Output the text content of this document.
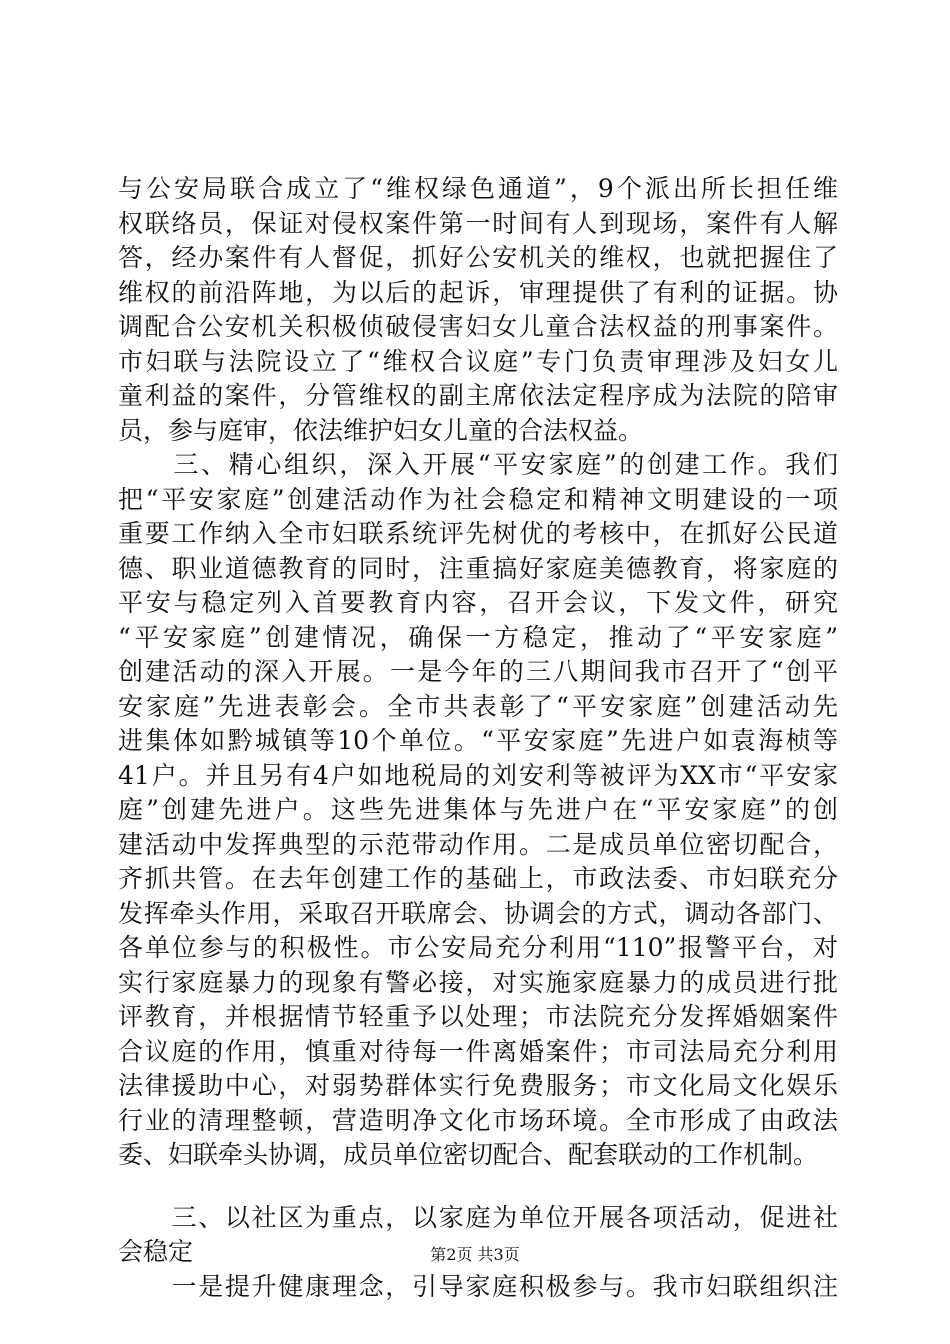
与公安局联合成立了“维权绿色通道”，9个派出所长担任维
权联络员，保证对侵权案件第一时间有人到现场，案件有人解
答，经办案件有人督促，抓好公安机关的维权，也就把握住了
维权的前沿阵地，为以后的起诉，审理提供了有利的证据。协
调配合公安机关积极侦破侵害妇女儿童合法权益的刑事案件。
市妇联与法院设立了“维权合议庭”专门负责审理涉及妇女儿
童利益的案件，分管维权的副主席依法定程序成为法院的陪审
员，参与庭审，依法维护妇女儿童的合法权益。
　　三、精心组织，深入开展“平安家庭”的创建工作。我们
把“平安家庭”创建活动作为社会稳定和精神文明建设的一项
重要工作纳入全市妇联系统评先树优的考核中，在抓好公民道
德、职业道德教育的同时，注重搞好家庭美德教育，将家庭的
平安与稳定列入首要教育内容，召开会议，下发文件，研究
“平安家庭”创建情况，确保一方稳定，推动了“平安家庭”
创建活动的深入开展。一是今年的三八期间我市召开了“创平
安家庭”先进表彰会。全市共表彰了“平安家庭”创建活动先
进集体如黔城镇等10个单位。“平安家庭”先进户如袁海桢等
41户。并且另有4户如地税局的刘安利等被评为XX市“平安家
庭”创建先进户。这些先进集体与先进户在“平安家庭”的创
建活动中发挥典型的示范带动作用。二是成员单位密切配合，
齐抓共管。在去年创建工作的基础上，市政法委、市妇联充分
发挥牵头作用，采取召开联席会、协调会的方式，调动各部门、
各单位参与的积极性。市公安局充分利用“110”报警平台，对
实行家庭暴力的现象有警必接，对实施家庭暴力的成员进行批
评教育，并根据情节轻重予以处理；市法院充分发挥婚姻案件
合议庭的作用，慎重对待每一件离婚案件；市司法局充分利用
法律援助中心，对弱势群体实行免费服务；市文化局文化娱乐
行业的清理整顿，营造明净文化市场环境。全市形成了由政法
委、妇联牵头协调，成员单位密切配合、配套联动的工作机制。
　　三、以社区为重点，以家庭为单位开展各项活动，促进社
会稳定
　　一是提升健康理念，引导家庭积极参与。我市妇联组织注
第2页 共3页
